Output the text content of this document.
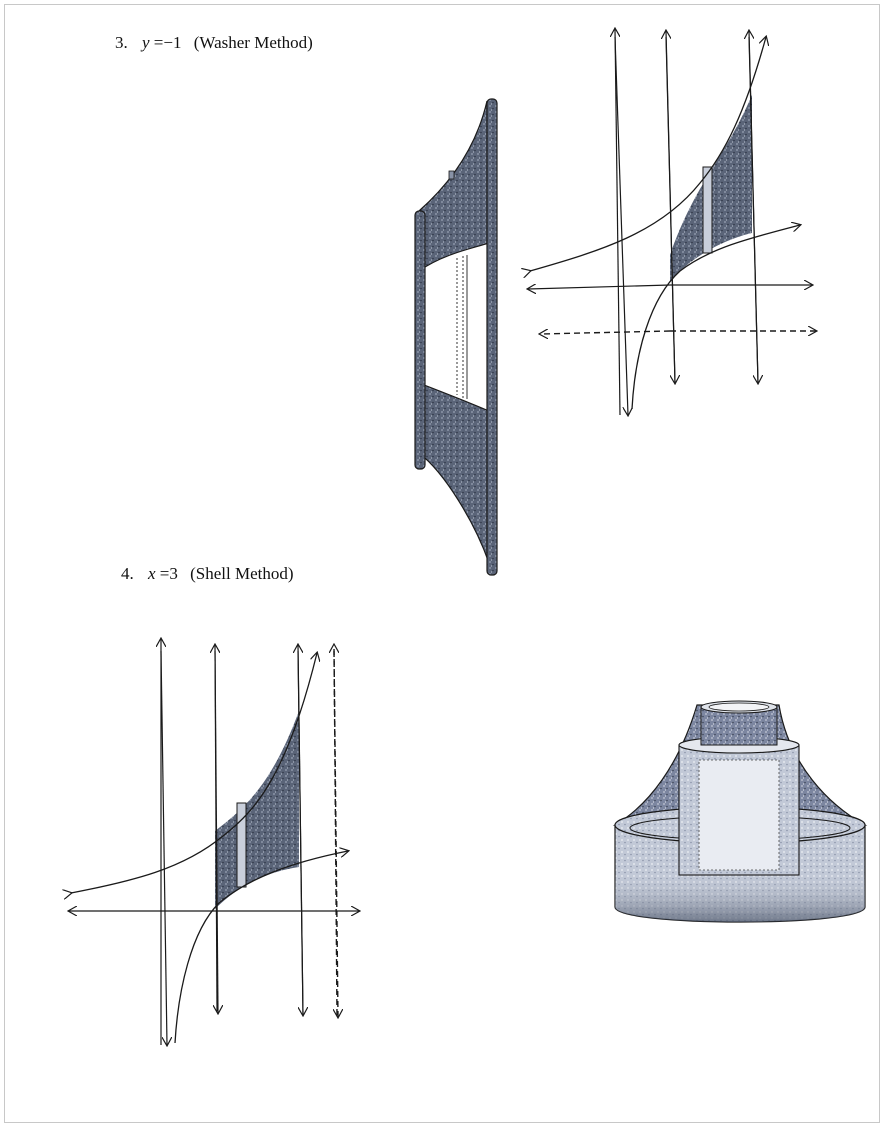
3. y =−1 (Washer Method)
4. x =3 (Shell Method)
